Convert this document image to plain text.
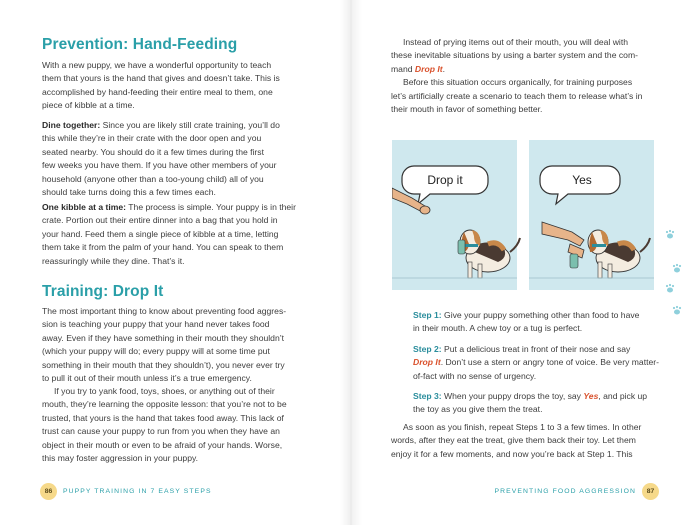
Prevention: Hand-Feeding

With a new puppy, we have a wonderful opportunity to teach

them that yours is the hand that gives and doesn’t take. This is

accomplished by hand-feeding their entire meal to them, one

piece of kibble at a time.

Dine together: Since you are likely still crate training, you’ll do

this while they’re in their crate with the door open and you

seated nearby. You should do it a few times during the first

few weeks you have them. If you have other members of your

household (anyone other than a too-young child) all of you

should take turns doing this a few times each.

One kibble at a time: The process is simple. Your puppy is in their

crate. Portion out their entire dinner into a bag that you hold in

your hand. Feed them a single piece of kibble at a time, letting

them take it from the palm of your hand. You can speak to them

reassuringly while they dine. That’s it.

Training: Drop It

The most important thing to know about preventing food aggres-

sion is teaching your puppy that your hand never takes food

away. Even if they have something in their mouth they shouldn’t

(which your puppy will do; every puppy will at some time put

something in their mouth that they shouldn’t), you never ever try

to pull it out of their mouth unless it’s a true emergency.

If you try to yank food, toys, shoes, or anything out of their

mouth, they’re learning the opposite lesson: that you’re not to be

trusted, that yours is the hand that takes food away. This lack of

trust can cause your puppy to run from you when they have an

object in their mouth or even to be afraid of your hands. Worse,

this may foster aggression in your puppy.

86	PUPPY TRAINING IN 7 EASY STEPS

Instead of prying items out of their mouth, you will deal with

these inevitable situations by using a barter system and the com-

mand Drop It.

Before this situation occurs organically, for training purposes

let’s artificially create a scenario to teach them to release what’s in

their mouth in favor of something better.

Drop it	Yes

Step 1: Give your puppy something other than food to have

in their mouth. A chew toy or a tug is perfect.

Step 2: Put a delicious treat in front of their nose and say

Drop It. Don’t use a stern or angry tone of voice. Be very matter-

of-fact with no sense of urgency.

Step 3: When your puppy drops the toy, say Yes, and pick up

the toy as you give them the treat.

As soon as you finish, repeat Steps 1 to 3 a few times. In other

words, after they eat the treat, give them back their toy. Let them

enjoy it for a few moments, and now you’re back at Step 1. This

PREVENTING FOOD AGGRESSION	87
